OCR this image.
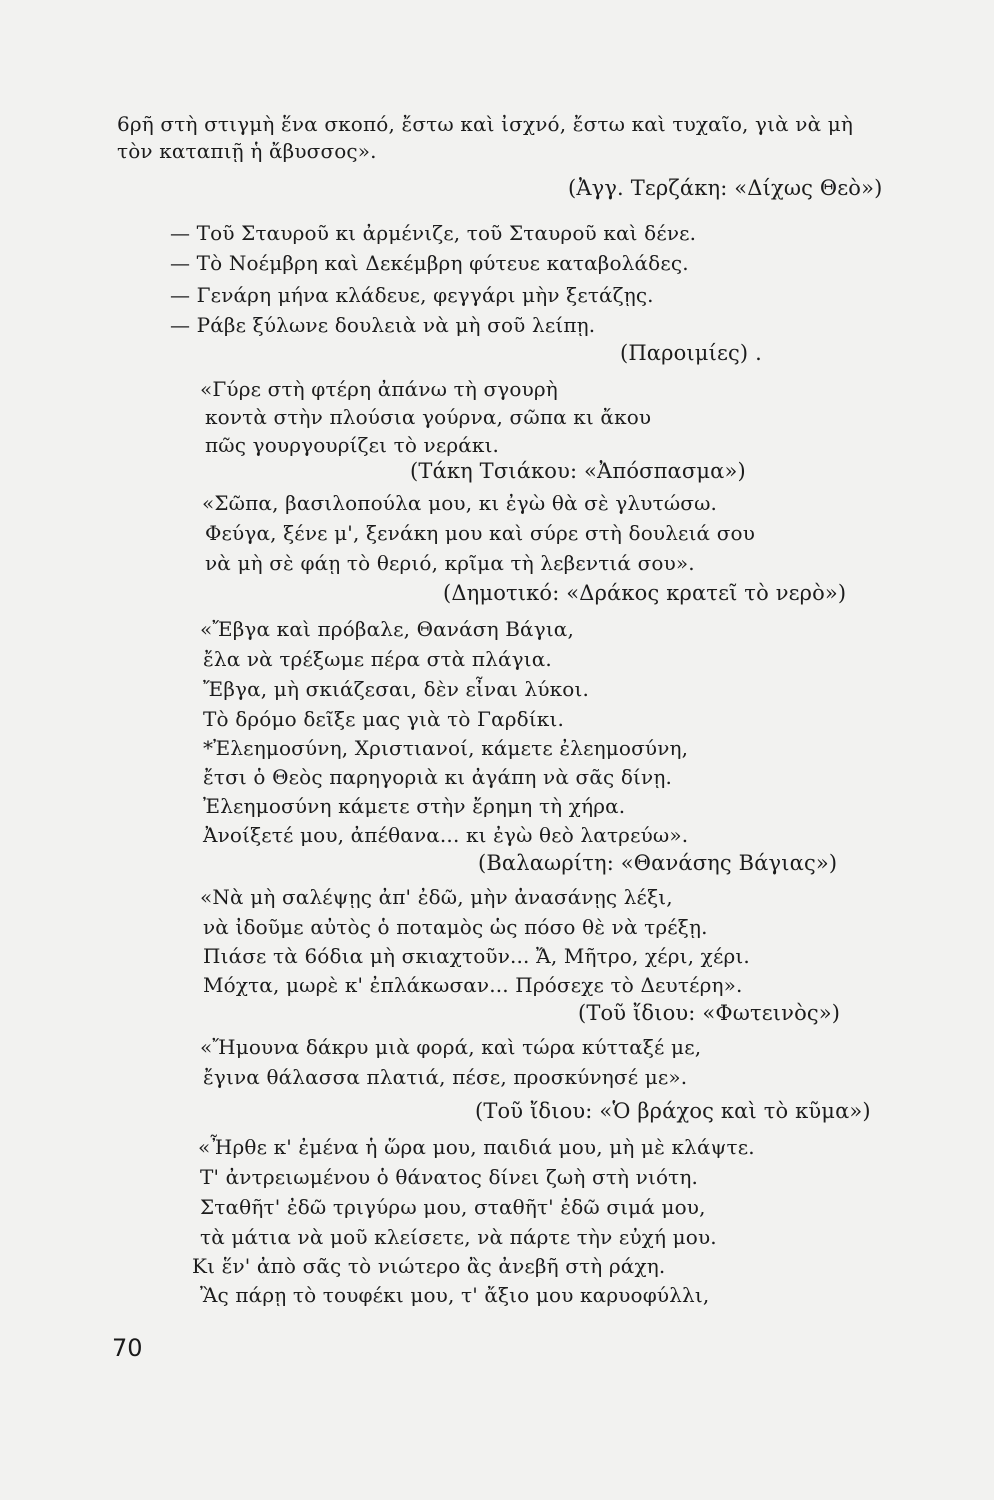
6ρῆ στὴ στιγμὴ ἕνα σκοπό, ἔστω καὶ ἰσχνό, ἔστω καὶ τυχαῖο, γιὰ νὰ μὴ
τὸν καταπιῇ ἡ ἄβυσσος».
(Ἀγγ. Τερζάκη: «Δίχως Θεὸ»)
— Τοῦ Σταυροῦ κι ἀρμένιζε, τοῦ Σταυροῦ καὶ δένε.
— Τὸ Νοέμβρη καὶ Δεκέμβρη φύτευε καταβολάδες.
— Γενάρη μήνα κλάδευε, φεγγάρι μὴν ξετάζῃς.
— Ράβε ξύλωνε δουλειὰ νὰ μὴ σοῦ λείπῃ.
(Παροιμίες) .
«Γύρε στὴ φτέρη ἀπάνω τὴ σγουρὴ
κοντὰ στὴν πλούσια γούρνα, σῶπα κι ἄκου
πῶς γουργουρίζει τὸ νεράκι.
(Τάκη Τσιάκου: «Ἀπόσπασμα»)
«Σῶπα, βασιλοπούλα μου, κι ἐγὼ θὰ σὲ γλυτώσω.
Φεύγα, ξένε μ', ξενάκη μου καὶ σύρε στὴ δουλειά σου
νὰ μὴ σὲ φάῃ τὸ θεριό, κρῖμα τὴ λεβεντιά σου».
(Δημοτικό: «Δράκος κρατεῖ τὸ νερὸ»)
«Ἔβγα καὶ πρόβαλε, Θανάση Βάγια,
ἔλα νὰ τρέξωμε πέρα στὰ πλάγια.
Ἔβγα, μὴ σκιάζεσαι, δὲν εἶναι λύκοι.
Τὸ δρόμο δεῖξε μας γιὰ τὸ Γαρδίκι.
*Ἐλεημοσύνη, Χριστιανοί, κάμετε ἐλεημοσύνη,
ἔτσι ὁ Θεὸς παρηγοριὰ κι ἀγάπη νὰ σᾶς δίνῃ.
Ἐλεημοσύνη κάμετε στὴν ἔρημη τὴ χήρα.
Ἀνοίξετέ μου, ἀπέθανα... κι ἐγὼ θεὸ λατρεύω».
(Βαλαωρίτη: «Θανάσης Βάγιας»)
«Νὰ μὴ σαλέψῃς ἀπ' ἐδῶ, μὴν ἀνασάνῃς λέξι,
νὰ ἰδοῦμε αὐτὸς ὁ ποταμὸς ὡς πόσο θὲ νὰ τρέξῃ.
Πιάσε τὰ 6όδια μὴ σκιαχτοῦν... Ἄ, Μῆτρο, χέρι, χέρι.
Μόχτα, μωρὲ κ' ἐπλάκωσαν... Πρόσεχε τὸ Δευτέρη».
(Τοῦ ἴδιου: «Φωτεινὸς»)
«Ἤμουνα δάκρυ μιὰ φορά, καὶ τώρα κύτταξέ με,
ἔγινα θάλασσα πλατιά, πέσε, προσκύνησέ με».
(Τοῦ ἴδιου: «Ὁ βράχος καὶ τὸ κῦμα»)
«Ἦρθε κ' ἐμένα ἡ ὥρα μου, παιδιά μου, μὴ μὲ κλάψτε.
Τ' ἀντρειωμένου ὁ θάνατος δίνει ζωὴ στὴ νιότη.
Σταθῆτ' ἐδῶ τριγύρω μου, σταθῆτ' ἐδῶ σιμά μου,
τὰ μάτια νὰ μοῦ κλείσετε, νὰ πάρτε τὴν εὐχή μου.
Κι ἕν' ἀπὸ σᾶς τὸ νιώτερο ἂς ἀνεβῆ στὴ ράχη.
Ἂς πάρῃ τὸ τουφέκι μου, τ' ἄξιο μου καρυοφύλλι,
70
